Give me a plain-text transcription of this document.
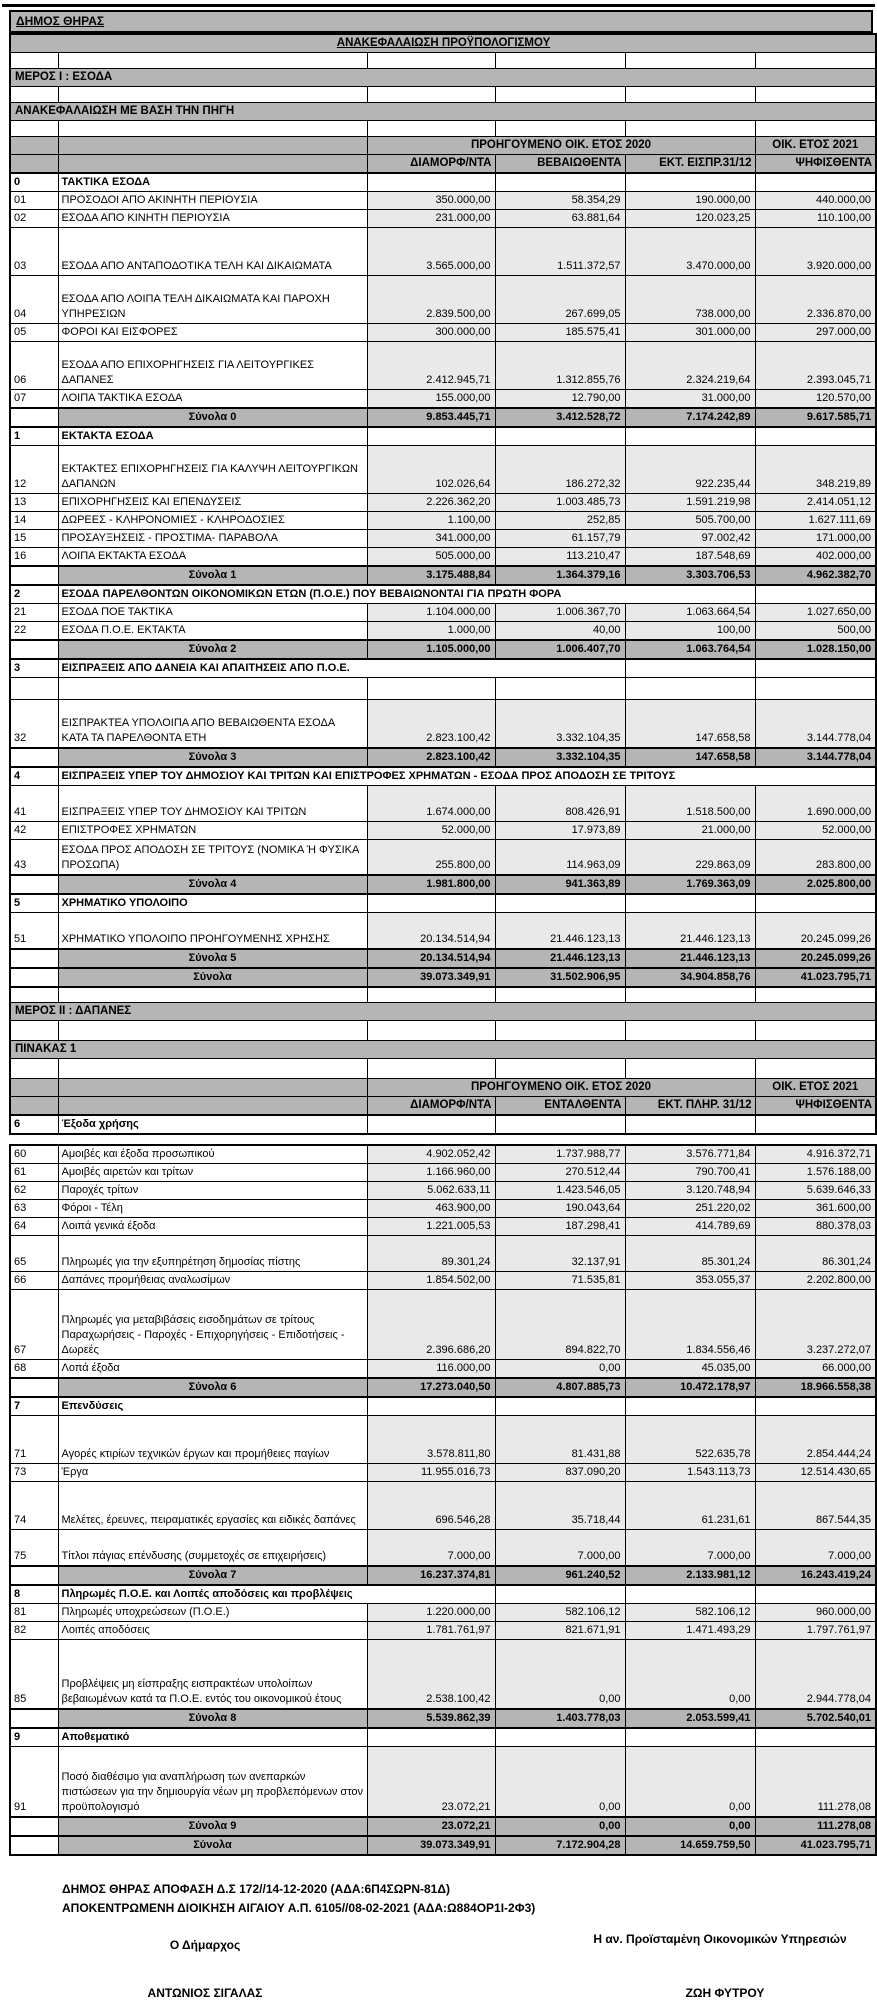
ΔΗΜΟΣ ΘΗΡΑΣ
ΑΝΑΚΕΦΑΛΑΙΩΣΗ ΠΡΟΫΠΟΛΟΓΙΣΜΟΥ					

ΜΕΡΟΣ Ι : ΕΣΟΔΑ					

ΑΝΑΚΕΦΑΛΑΙΩΣΗ ΜΕ ΒΑΣΗ ΤΗΝ ΠΗΓΗ					

		ΠΡΟΗΓΟΥΜΕΝΟ ΟΙΚ. ΕΤΟΣ 2020			ΟΙΚ. ΕΤΟΣ 2021
		ΔΙΑΜΟΡΦ/ΝΤΑ	ΒΕΒΑΙΩΘΕΝΤΑ	ΕΚΤ. ΕΙΣΠΡ.31/12	ΨΗΦΙΣΘΕΝΤΑ
0	ΤΑΚΤΙΚΑ ΕΣΟΔΑ				
01	ΠΡΟΣΟΔΟΙ ΑΠΟ ΑΚΙΝΗΤΗ ΠΕΡΙΟΥΣΙΑ	350.000,00	58.354,29	190.000,00	440.000,00
02	ΕΣΟΔΑ ΑΠΟ ΚΙΝΗΤΗ ΠΕΡΙΟΥΣΙΑ	231.000,00	63.881,64	120.023,25	110.100,00
03	ΕΣΟΔΑ ΑΠΟ ΑΝΤΑΠΟΔΟΤΙΚΑ ΤΕΛΗ ΚΑΙ ΔΙΚΑΙΩΜΑΤΑ	3.565.000,00	1.511.372,57	3.470.000,00	3.920.000,00
04	ΕΣΟΔΑ ΑΠΟ ΛΟΙΠΑ ΤΕΛΗ ΔΙΚΑΙΩΜΑΤΑ ΚΑΙ ΠΑΡΟΧΗ ΥΠΗΡΕΣΙΩΝ	2.839.500,00	267.699,05	738.000,00	2.336.870,00
05	ΦΟΡΟΙ ΚΑΙ ΕΙΣΦΟΡΕΣ	300.000,00	185.575,41	301.000,00	297.000,00
06	ΕΣΟΔΑ ΑΠΟ ΕΠΙΧΟΡΗΓΗΣΕΙΣ ΓΙΑ ΛΕΙΤΟΥΡΓΙΚΕΣ ΔΑΠΑΝΕΣ	2.412.945,71	1.312.855,76	2.324.219,64	2.393.045,71
07	ΛΟΙΠΑ ΤΑΚΤΙΚΑ ΕΣΟΔΑ	155.000,00	12.790,00	31.000,00	120.570,00
	Σύνολα 0	9.853.445,71	3.412.528,72	7.174.242,89	9.617.585,71
1	ΕΚΤΑΚΤΑ ΕΣΟΔΑ				
12	ΕΚΤΑΚΤΕΣ ΕΠΙΧΟΡΗΓΗΣΕΙΣ ΓΙΑ ΚΑΛΥΨΗ ΛΕΙΤΟΥΡΓΙΚΩΝ ΔΑΠΑΝΩΝ	102.026,64	186.272,32	922.235,44	348.219,89
13	ΕΠΙΧΟΡΗΓΗΣΕΙΣ ΚΑΙ ΕΠΕΝΔΥΣΕΙΣ	2.226.362,20	1.003.485,73	1.591.219,98	2.414.051,12
14	ΔΩΡΕΕΣ - ΚΛΗΡΟΝΟΜΙΕΣ - ΚΛΗΡΟΔΟΣΙΕΣ	1.100,00	252,85	505.700,00	1.627.111,69
15	ΠΡΟΣΑΥΞΗΣΕΙΣ - ΠΡΟΣΤΙΜΑ- ΠΑΡΑΒΟΛΑ	341.000,00	61.157,79	97.002,42	171.000,00
16	ΛΟΙΠΑ ΕΚΤΑΚΤΑ ΕΣΟΔΑ	505.000,00	113.210,47	187.548,69	402.000,00
	Σύνολα 1	3.175.488,84	1.364.379,16	3.303.706,53	4.962.382,70
2	ΕΣΟΔΑ ΠΑΡΕΛΘΟΝΤΩΝ ΟΙΚΟΝΟΜΙΚΩΝ ΕΤΩΝ (Π.Ο.Ε.) ΠΟΥ ΒΕΒΑΙΩΝΟΝΤΑΙ ΓΙΑ ΠΡΩΤΗ ΦΟΡΑ				
21	ΕΣΟΔΑ ΠΟΕ ΤΑΚΤΙΚΑ	1.104.000,00	1.006.367,70	1.063.664,54	1.027.650,00
22	ΕΣΟΔΑ Π.Ο.Ε. ΕΚΤΑΚΤΑ	1.000,00	40,00	100,00	500,00
	Σύνολα 2	1.105.000,00	1.006.407,70	1.063.764,54	1.028.150,00
3	ΕΙΣΠΡΑΞΕΙΣ ΑΠΟ ΔΑΝΕΙΑ ΚΑΙ ΑΠΑΙΤΗΣΕΙΣ ΑΠΟ Π.Ο.Ε.				

32	ΕΙΣΠΡΑΚΤΕΑ ΥΠΟΛΟΙΠΑ ΑΠΟ ΒΕΒΑΙΩΘΕΝΤΑ ΕΣΟΔΑ ΚΑΤΑ ΤΑ ΠΑΡΕΛΘΟΝΤΑ ΕΤΗ	2.823.100,42	3.332.104,35	147.658,58	3.144.778,04
	Σύνολα 3	2.823.100,42	3.332.104,35	147.658,58	3.144.778,04
4	ΕΙΣΠΡΑΞΕΙΣ ΥΠΕΡ ΤΟΥ ΔΗΜΟΣΙΟΥ ΚΑΙ ΤΡΙΤΩΝ ΚΑΙ ΕΠΙΣΤΡΟΦΕΣ ΧΡΗΜΑΤΩΝ - ΕΣΟΔΑ ΠΡΟΣ ΑΠΟΔΟΣΗ ΣΕ ΤΡΙΤΟΥΣ				
41	ΕΙΣΠΡΑΞΕΙΣ ΥΠΕΡ ΤΟΥ ΔΗΜΟΣΙΟΥ ΚΑΙ ΤΡΙΤΩΝ	1.674.000,00	808.426,91	1.518.500,00	1.690.000,00
42	ΕΠΙΣΤΡΟΦΕΣ ΧΡΗΜΑΤΩΝ	52.000,00	17.973,89	21.000,00	52.000,00
43	ΕΣΟΔΑ ΠΡΟΣ ΑΠΟΔΟΣΗ ΣΕ ΤΡΙΤΟΥΣ (ΝΟΜΙΚΑ Ή ΦΥΣΙΚΑ ΠΡΟΣΩΠΑ)	255.800,00	114.963,09	229.863,09	283.800,00
	Σύνολα 4	1.981.800,00	941.363,89	1.769.363,09	2.025.800,00
5	ΧΡΗΜΑΤΙΚΟ ΥΠΟΛΟΙΠΟ				
51	ΧΡΗΜΑΤΙΚΟ ΥΠΟΛΟΙΠΟ ΠΡΟΗΓΟΥΜΕΝΗΣ ΧΡΗΣΗΣ	20.134.514,94	21.446.123,13	21.446.123,13	20.245.099,26
	Σύνολα 5	20.134.514,94	21.446.123,13	21.446.123,13	20.245.099,26
	Σύνολα	39.073.349,91	31.502.906,95	34.904.858,76	41.023.795,71

ΜΕΡΟΣ ΙΙ : ΔΑΠΑΝΕΣ					

ΠΙΝΑΚΑΣ 1					

		ΠΡΟΗΓΟΥΜΕΝΟ ΟΙΚ. ΕΤΟΣ 2020			ΟΙΚ. ΕΤΟΣ 2021
		ΔΙΑΜΟΡΦ/ΝΤΑ	ΕΝΤΑΛΘΕΝΤΑ	ΕΚΤ. ΠΛΗΡ. 31/12	ΨΗΦΙΣΘΕΝΤΑ
6	Έξοδα χρήσης				
60	Αμοιβές και έξοδα προσωπικού	4.902.052,42	1.737.988,77	3.576.771,84	4.916.372,71
61	Αμοιβές αιρετών και τρίτων	1.166.960,00	270.512,44	790.700,41	1.576.188,00
62	Παροχές τρίτων	5.062.633,11	1.423.546,05	3.120.748,94	5.639.646,33
63	Φόροι - Τέλη	463.900,00	190.043,64	251.220,02	361.600,00
64	Λοιπά γενικά έξοδα	1.221.005,53	187.298,41	414.789,69	880.378,03
65	Πληρωμές για την εξυπηρέτηση δημοσίας πίστης	89.301,24	32.137,91	85.301,24	86.301,24
66	Δαπάνες προμήθειας αναλωσίμων	1.854.502,00	71.535,81	353.055,37	2.202.800,00
67	Πληρωμές για μεταβιβάσεις εισοδημάτων σε τρίτους Παραχωρήσεις - Παροχές - Επιχορηγήσεις - Επιδοτήσεις - Δωρεές	2.396.686,20	894.822,70	1.834.556,46	3.237.272,07
68	Λοπά έξοδα	116.000,00	0,00	45.035,00	66.000,00
	Σύνολα 6	17.273.040,50	4.807.885,73	10.472.178,97	18.966.558,38
7	Επενδύσεις				
71	Αγορές κτιρίων τεχνικών έργων και προμήθειες παγίων	3.578.811,80	81.431,88	522.635,78	2.854.444,24
73	Έργα	11.955.016,73	837.090,20	1.543.113,73	12.514.430,65
74	Μελέτες, έρευνες, πειραματικές εργασίες και ειδικές δαπάνες	696.546,28	35.718,44	61.231,61	867.544,35
75	Τίτλοι πάγιας επένδυσης (συμμετοχές σε επιχειρήσεις)	7.000,00	7.000,00	7.000,00	7.000,00
	Σύνολα 7	16.237.374,81	961.240,52	2.133.981,12	16.243.419,24
8	Πληρωμές Π.Ο.Ε. και Λοιπές αποδόσεις και προβλέψεις				
81	Πληρωμές υποχρεώσεων (Π.Ο.Ε.)	1.220.000,00	582.106,12	582.106,12	960.000,00
82	Λοιπές αποδόσεις	1.781.761,97	821.671,91	1.471.493,29	1.797.761,97
85	Προβλέψεις μη είσπραξης εισπρακτέων υπολοίπων βεβαιωμένων κατά τα Π.Ο.Ε. εντός του οικονομικού έτους	2.538.100,42	0,00	0,00	2.944.778,04
	Σύνολα 8	5.539.862,39	1.403.778,03	2.053.599,41	5.702.540,01
9	Αποθεματικό				
91	Ποσό διαθέσιμο για αναπλήρωση των ανεπαρκών πιστώσεων για την δημιουργία νέων μη προβλεπόμενων στον προϋπολογισμό	23.072,21	0,00	0,00	111.278,08
	Σύνολα 9	23.072,21	0,00	0,00	111.278,08
	Σύνολα	39.073.349,91	7.172.904,28	14.659.759,50	41.023.795,71
ΔΗΜΟΣ ΘΗΡΑΣ ΑΠΟΦΑΣΗ Δ.Σ 172//14-12-2020 (ΑΔΑ:6Π4ΣΩΡΝ-81Δ)
ΑΠΟΚΕΝΤΡΩΜΕΝΗ ΔΙΟΙΚΗΣΗ ΑΙΓΑΙΟΥ Α.Π. 6105//08-02-2021 (ΑΔΑ:Ω884ΟΡ1Ι-2Φ3)
Ο Δήμαρχος	Η αν. Προϊσταμένη Οικονομικών Υπηρεσιών
ΑΝΤΩΝΙΟΣ ΣΙΓΑΛΑΣ	ΖΩΗ ΦΥΤΡΟΥ
